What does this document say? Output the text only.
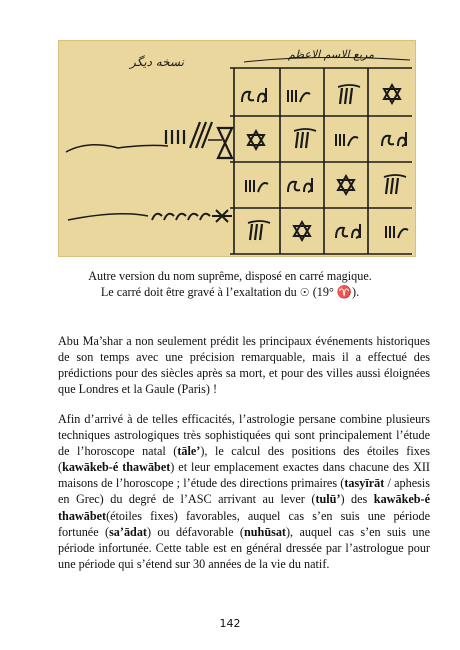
نسخه دیگر
مربع الاسم الاعظم
Autre version du nom suprême, disposé en carré magique.
Le carré doit être gravé à l’exaltation du ☉ (19° ♈).

Abu Ma’shar a non seulement prédit les principaux événements historiques de son temps avec une précision remarquable, mais il a effectué des prédictions pour des siècles après sa mort, et pour des villes aussi éloignées que Londres et la Gaule (Paris) !

Afin d’arrivé à de telles efficacités, l’astrologie persane combine plusieurs techniques astrologiques très sophistiquées qui sont principalement l’étude de l’horoscope natal (tāle’), le calcul des positions des étoiles fixes (kawākeb-é thawābet) et leur emplacement exactes dans chacune des XII maisons de l’horoscope ; l’étude des directions primaires (tasyīrāt / aphesis en Grec) du degré de l’ASC arrivant au lever (tulū’) des kawākeb-é thawābet(étoiles fixes) favorables, auquel cas s’en suis une période fortunée (sa’ādat) ou défavorable (nuhūsat), auquel cas s’en suis une période infortunée. Cette table est en général dressée par l’astrologue pour une période qui s’étend sur 30 années de la vie du natif.

142
